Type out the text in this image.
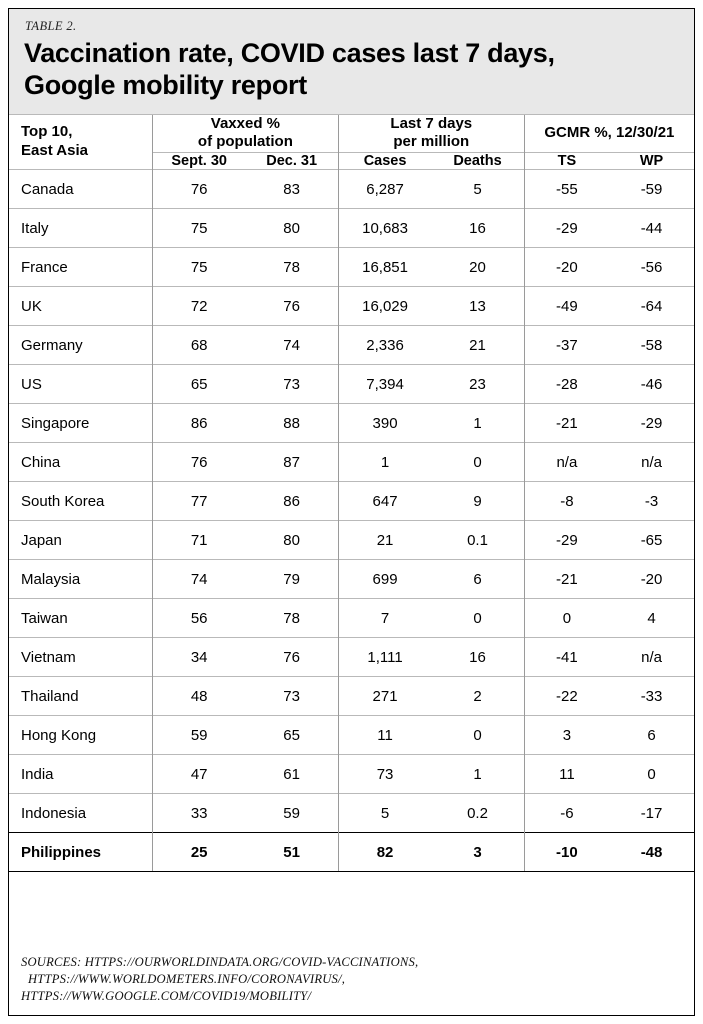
TABLE 2.
Vaccination rate, COVID cases last 7 days,
Google mobility report
Top 10,
East Asia

Vaxxed %
of population

Last 7 days
per million

GCMR %, 12/30/21

	Sept. 30	Dec. 31	Cases	Deaths	TS	WP
Canada	76	83	6,287	5	-55	-59
Italy	75	80	10,683	16	-29	-44
France	75	78	16,851	20	-20	-56
UK	72	76	16,029	13	-49	-64
Germany	68	74	2,336	21	-37	-58
US	65	73	7,394	23	-28	-46
Singapore	86	88	390	1	-21	-29
China	76	87	1	0	n/a	n/a
South Korea	77	86	647	9	-8	-3
Japan	71	80	21	0.1	-29	-65
Malaysia	74	79	699	6	-21	-20
Taiwan	56	78	7	0	0	4
Vietnam	34	76	1,111	16	-41	n/a
Thailand	48	73	271	2	-22	-33
Hong Kong	59	65	11	0	3	6
India	47	61	73	1	11	0
Indonesia	33	59	5	0.2	-6	-17
Philippines	25	51	82	3	-10	-48
SOURCES: HTTPS://OURWORLDINDATA.ORG/COVID-VACCINATIONS,
HTTPS://WWW.WORLDOMETERS.INFO/CORONAVIRUS/,
HTTPS://WWW.GOOGLE.COM/COVID19/MOBILITY/
